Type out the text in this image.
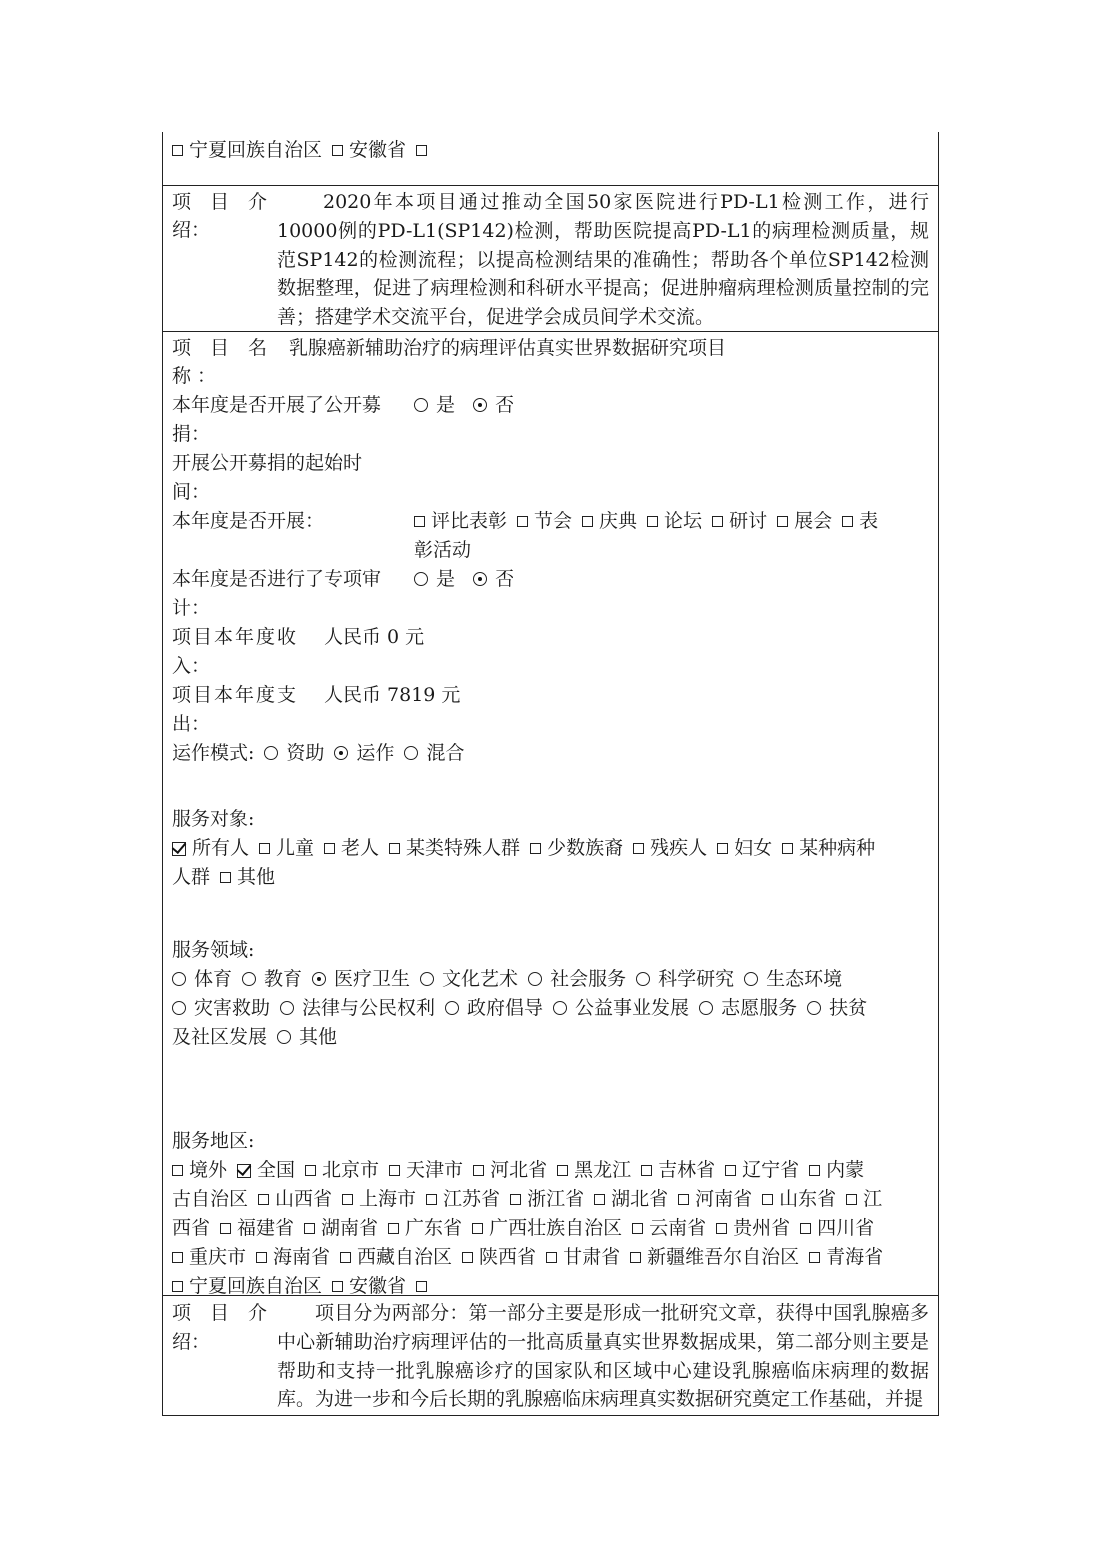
宁夏回族自治区 安徽省
项　目　介
绍：
2020年本项目通过推动全国50家医院进行PD-L1检测工作，进行10000例的PD-L1(SP142)检测，帮助医院提高PD-L1的病理检测质量，规范SP142的检测流程；以提高检测结果的准确性；帮助各个单位SP142检测数据整理，促进了病理检测和科研水平提高；促进肿瘤病理检测质量控制的完善；搭建学术交流平台，促进学会成员间学术交流。
项　目　名
称 ：
乳腺癌新辅助治疗的病理评估真实世界数据研究项目
本年度是否开展了公开募
捐：
是 否
开展公开募捐的起始时
间：
本年度是否开展：	评比表彰 节会 庆典 论坛 研讨 展会 表
彰活动
本年度是否进行了专项审
计：
是 否
项目本年度收
入：
人民币 0 元
项目本年度支
出：
人民币 7819 元
运作模式: 资助 运作 混合
服务对象:
所有人 儿童 老人 某类特殊人群 少数族裔 残疾人 妇女 某种病种
人群 其他
服务领域:
体育 教育 医疗卫生 文化艺术 社会服务 科学研究 生态环境
灾害救助 法律与公民权利 政府倡导 公益事业发展 志愿服务 扶贫
及社区发展 其他
服务地区:
境外 全国 北京市 天津市 河北省 黑龙江 吉林省 辽宁省 内蒙
古自治区 山西省 上海市 江苏省 浙江省 湖北省 河南省 山东省 江
西省 福建省 湖南省 广东省 广西壮族自治区 云南省 贵州省 四川省
重庆市 海南省 西藏自治区 陕西省 甘肃省 新疆维吾尔自治区 青海省
宁夏回族自治区 安徽省
项　目　介
绍：
项目分为两部分：第一部分主要是形成一批研究文章，获得中国乳腺癌多中心新辅助治疗病理评估的一批高质量真实世界数据成果，第二部分则主要是帮助和支持一批乳腺癌诊疗的国家队和区域中心建设乳腺癌临床病理的数据库。为进一步和今后长期的乳腺癌临床病理真实数据研究奠定工作基础，并提
